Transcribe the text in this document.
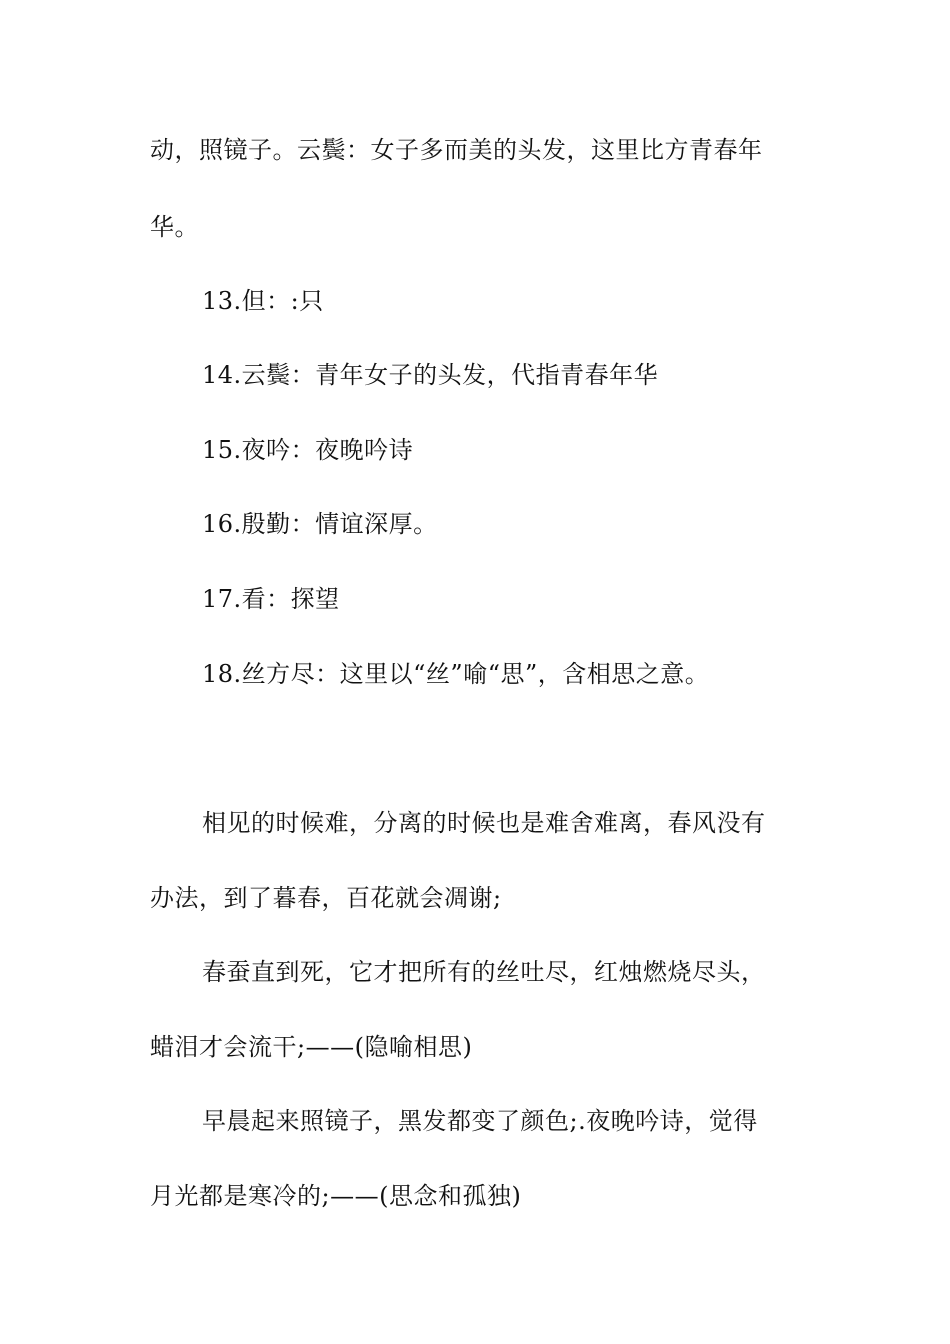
动，照镜子。云鬓：女子多而美的头发，这里比方青春年
华。
13.但：:只
14.云鬓：青年女子的头发，代指青春年华
15.夜吟：夜晚吟诗
16.殷勤：情谊深厚。
17.看：探望
18.丝方尽：这里以“丝”喻“思”，含相思之意。
相见的时候难，分离的时候也是难舍难离，春风没有
办法，到了暮春，百花就会凋谢;
春蚕直到死，它才把所有的丝吐尽，红烛燃烧尽头，
蜡泪才会流干;——(隐喻相思)
早晨起来照镜子，黑发都变了颜色;.夜晚吟诗，觉得
月光都是寒冷的;——(思念和孤独)
